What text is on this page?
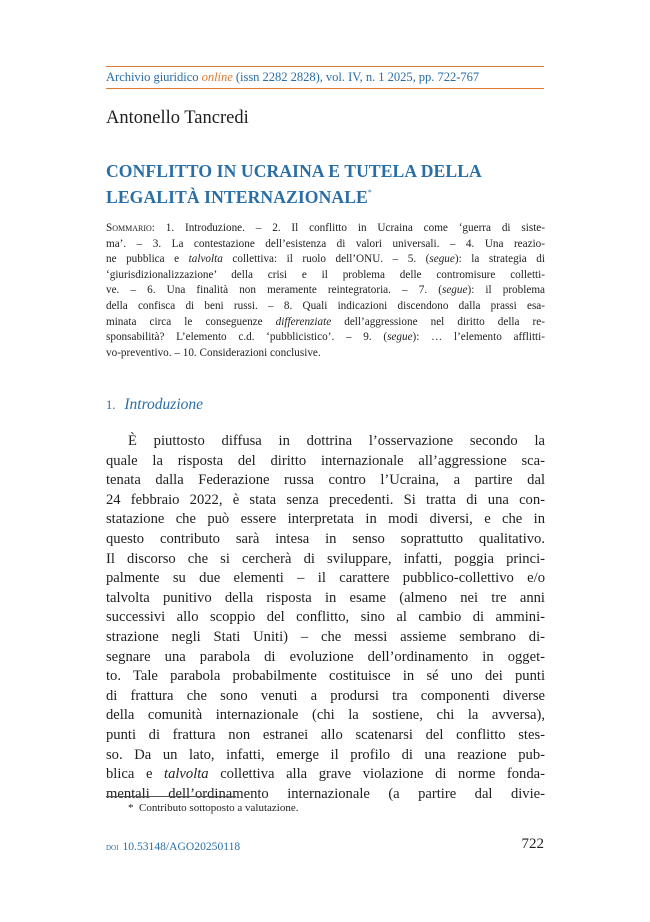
Archivio giuridico online (issn 2282 2828), vol. IV, n. 1 2025, pp. 722-767
Antonello Tancredi
CONFLITTO IN UCRAINA E TUTELA DELLA
LEGALITÀ INTERNAZIONALE*
Sommario: 1. Introduzione. – 2. Il conflitto in Ucraina come ‘guerra di siste-
ma’. – 3. La contestazione dell’esistenza di valori universali. – 4. Una reazio-
ne pubblica e talvolta collettiva: il ruolo dell’ONU. – 5. (segue): la strategia di
‘giurisdizionalizzazione’ della crisi e il problema delle contromisure colletti-
ve. – 6. Una finalità non meramente reintegratoria. – 7. (segue): il problema
della confisca di beni russi. – 8. Quali indicazioni discendono dalla prassi esa-
minata circa le conseguenze differenziate dell’aggressione nel diritto della re-
sponsabilità? L’elemento c.d. ‘pubblicistico’. – 9. (segue): … l’elemento afflitti-
vo-preventivo. – 10. Considerazioni conclusive.
1. Introduzione
È piuttosto diffusa in dottrina l’osservazione secondo la
quale la risposta del diritto internazionale all’aggressione sca-
tenata dalla Federazione russa contro l’Ucraina, a partire dal
24 febbraio 2022, è stata senza precedenti. Si tratta di una con-
statazione che può essere interpretata in modi diversi, e che in
questo contributo sarà intesa in senso soprattutto qualitativo.
Il discorso che si cercherà di sviluppare, infatti, poggia princi-
palmente su due elementi – il carattere pubblico-collettivo e/o
talvolta punitivo della risposta in esame (almeno nei tre anni
successivi allo scoppio del conflitto, sino al cambio di ammini-
strazione negli Stati Uniti) – che messi assieme sembrano di-
segnare una parabola di evoluzione dell’ordinamento in ogget-
to. Tale parabola probabilmente costituisce in sé uno dei punti
di frattura che sono venuti a prodursi tra componenti diverse
della comunità internazionale (chi la sostiene, chi la avversa),
punti di frattura non estranei allo scatenarsi del conflitto stes-
so. Da un lato, infatti, emerge il profilo di una reazione pub-
blica e talvolta collettiva alla grave violazione di norme fonda-
mentali dell’ordinamento internazionale (a partire dal divie-
* Contributo sottoposto a valutazione.
doi 10.53148/AGO20250118	722
